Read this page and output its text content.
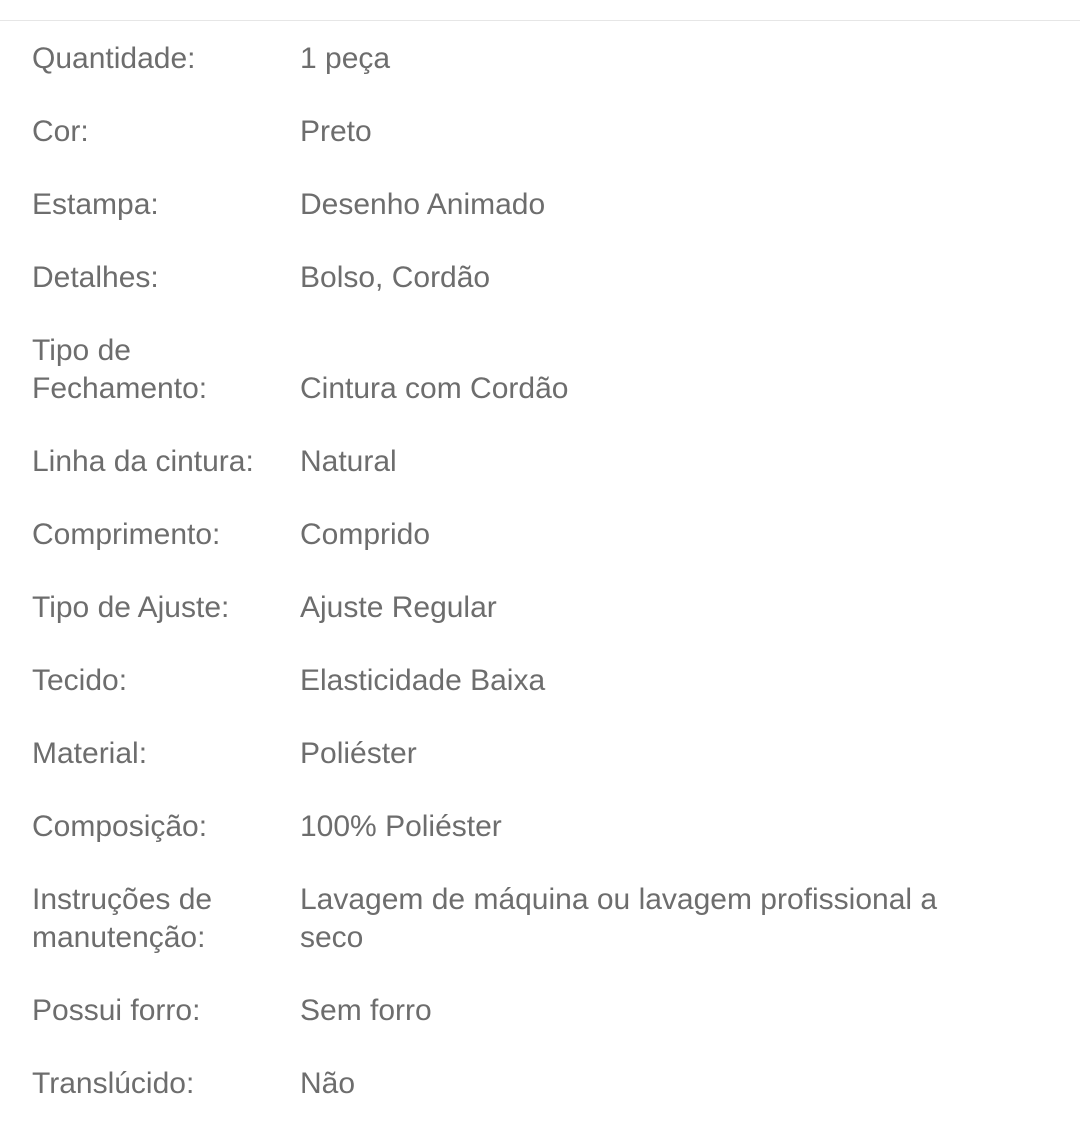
Quantidade:	1 peça
Cor:	Preto
Estampa:	Desenho Animado
Detalhes:	Bolso, Cordão
Tipo de Fechamento:	Cintura com Cordão
Linha da cintura:	Natural
Comprimento:	Comprido
Tipo de Ajuste:	Ajuste Regular
Tecido:	Elasticidade Baixa
Material:	Poliéster
Composição:	100% Poliéster
Instruções de manutenção:
Lavagem de máquina ou lavagem profissional a seco
Possui forro:	Sem forro
Translúcido:	Não
